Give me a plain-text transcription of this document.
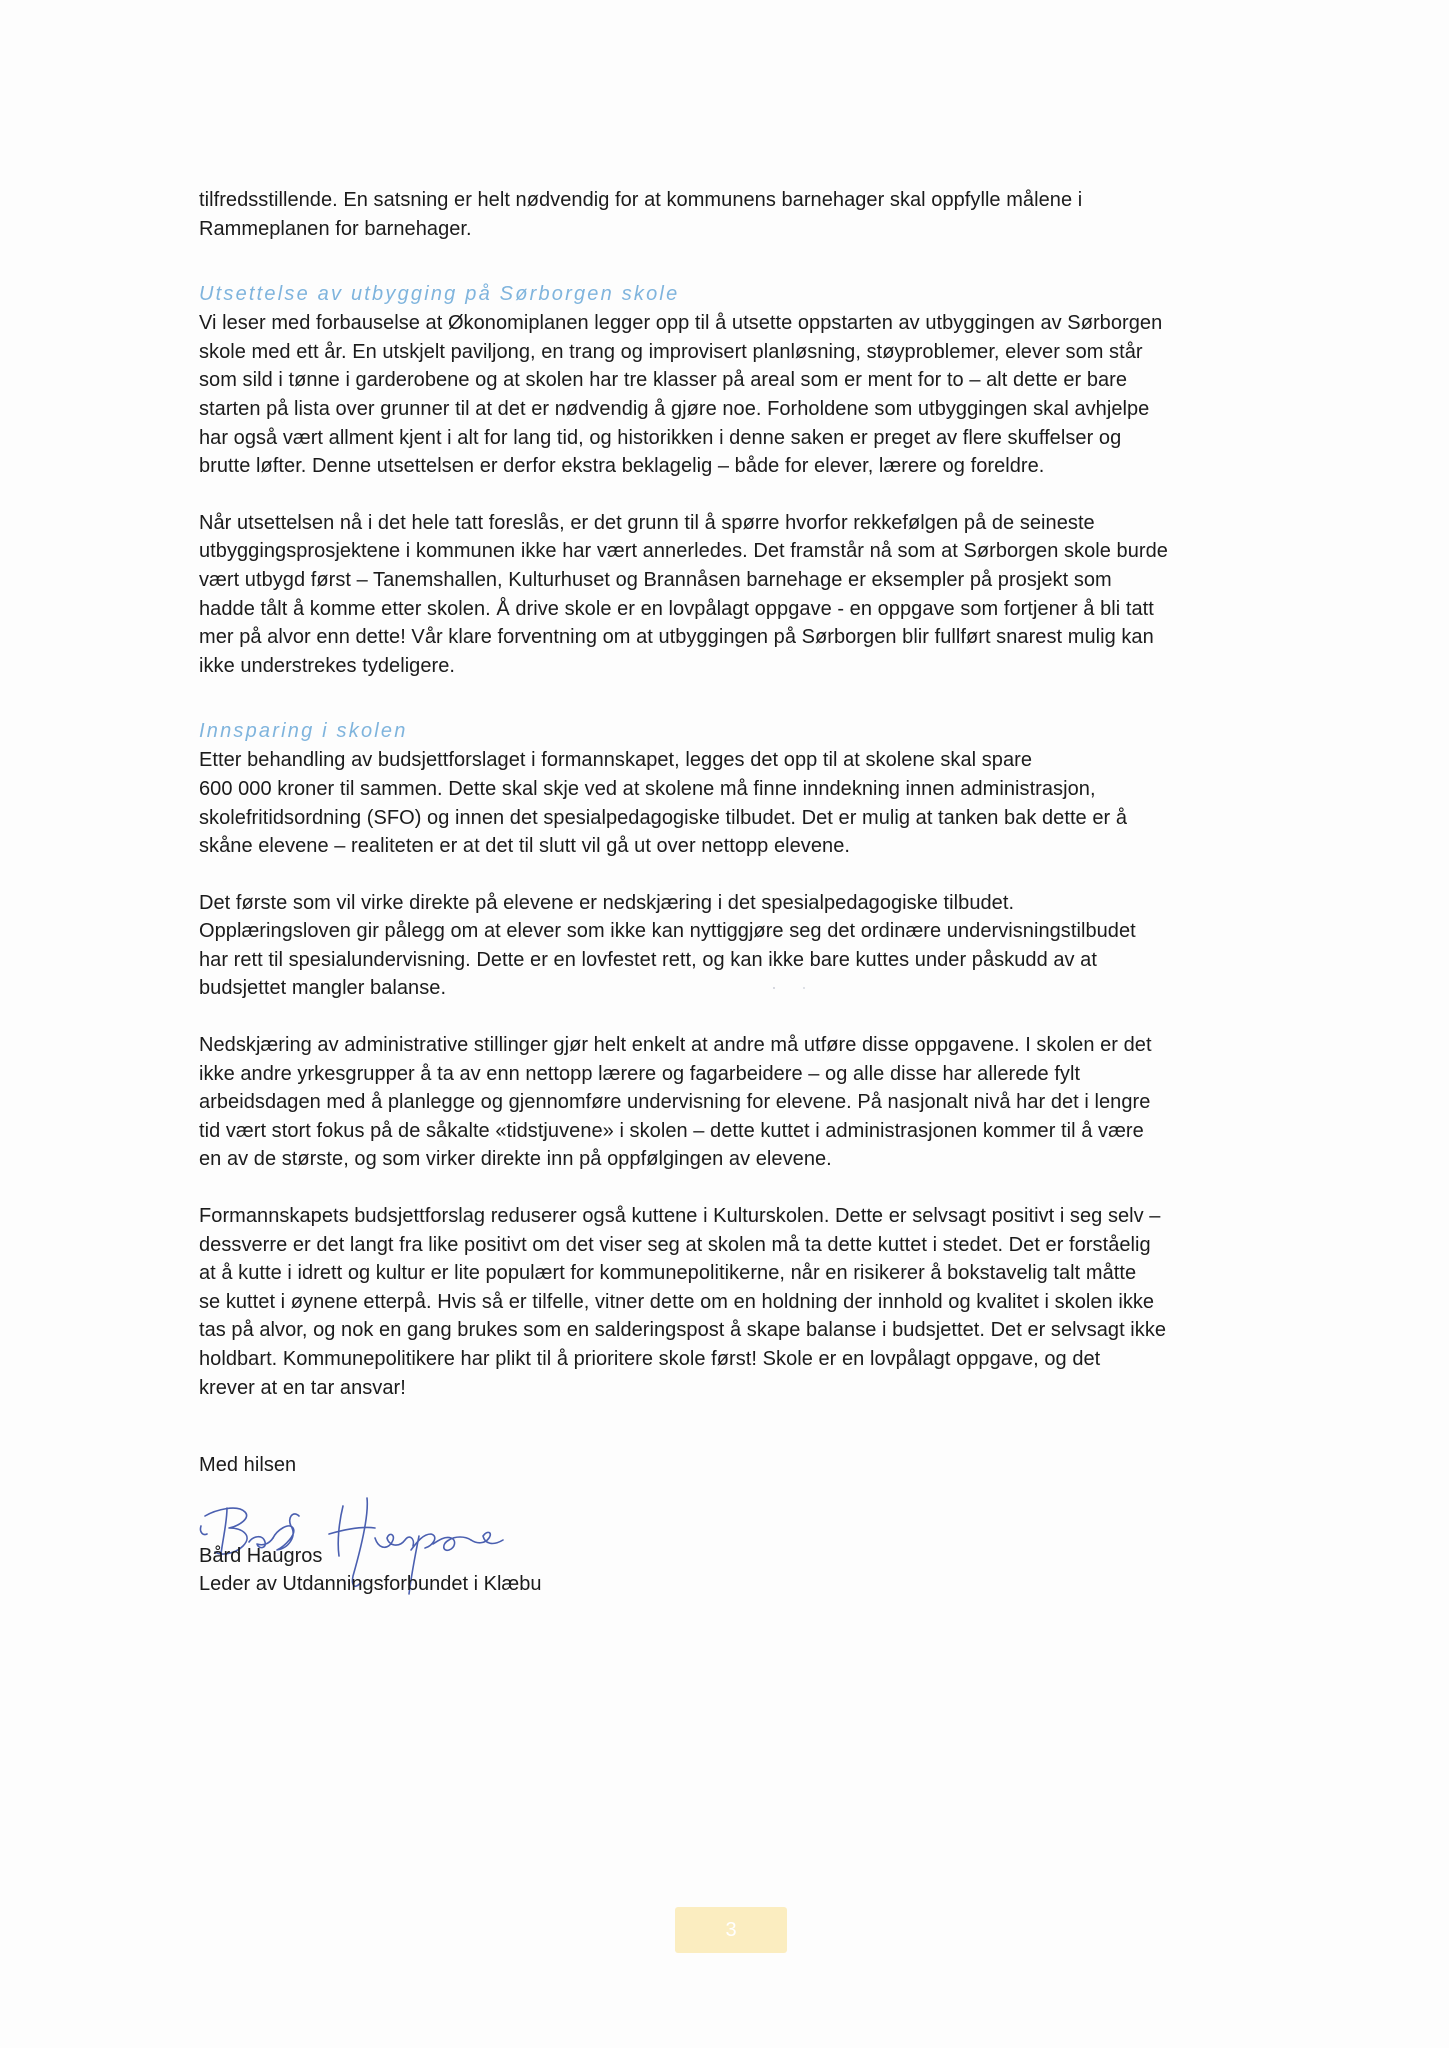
tilfredsstillende. En satsning er helt nødvendig for at kommunens barnehager skal oppfylle målene i

Rammeplanen for barnehager.

Utsettelse av utbygging på Sørborgen skole

Vi leser med forbauselse at Økonomiplanen legger opp til å utsette oppstarten av utbyggingen av Sørborgen

skole med ett år. En utskjelt paviljong, en trang og improvisert planløsning, støyproblemer, elever som står

som sild i tønne i garderobene og at skolen har tre klasser på areal som er ment for to – alt dette er bare

starten på lista over grunner til at det er nødvendig å gjøre noe. Forholdene som utbyggingen skal avhjelpe

har også vært allment kjent i alt for lang tid, og historikken i denne saken er preget av flere skuffelser og

brutte løfter. Denne utsettelsen er derfor ekstra beklagelig – både for elever, lærere og foreldre.

Når utsettelsen nå i det hele tatt foreslås, er det grunn til å spørre hvorfor rekkefølgen på de seineste

utbyggingsprosjektene i kommunen ikke har vært annerledes. Det framstår nå som at Sørborgen skole burde

vært utbygd først – Tanemshallen, Kulturhuset og Brannåsen barnehage er eksempler på prosjekt som

hadde tålt å komme etter skolen. Å drive skole er en lovpålagt oppgave - en oppgave som fortjener å bli tatt

mer på alvor enn dette! Vår klare forventning om at utbyggingen på Sørborgen blir fullført snarest mulig kan

ikke understrekes tydeligere.

Innsparing i skolen

Etter behandling av budsjettforslaget i formannskapet, legges det opp til at skolene skal spare

600 000 kroner til sammen. Dette skal skje ved at skolene må finne inndekning innen administrasjon,

skolefritidsordning (SFO) og innen det spesialpedagogiske tilbudet. Det er mulig at tanken bak dette er å

skåne elevene – realiteten er at det til slutt vil gå ut over nettopp elevene.

Det første som vil virke direkte på elevene er nedskjæring i det spesialpedagogiske tilbudet.

Opplæringsloven gir pålegg om at elever som ikke kan nyttiggjøre seg det ordinære undervisningstilbudet

har rett til spesialundervisning. Dette er en lovfestet rett, og kan ikke bare kuttes under påskudd av at

budsjettet mangler balanse.

Nedskjæring av administrative stillinger gjør helt enkelt at andre må utføre disse oppgavene. I skolen er det

ikke andre yrkesgrupper å ta av enn nettopp lærere og fagarbeidere – og alle disse har allerede fylt

arbeidsdagen med å planlegge og gjennomføre undervisning for elevene. På nasjonalt nivå har det i lengre

tid vært stort fokus på de såkalte «tidstjuvene» i skolen – dette kuttet i administrasjonen kommer til å være

en av de største, og som virker direkte inn på oppfølgingen av elevene.

Formannskapets budsjettforslag reduserer også kuttene i Kulturskolen. Dette er selvsagt positivt i seg selv –

dessverre er det langt fra like positivt om det viser seg at skolen må ta dette kuttet i stedet. Det er forståelig

at å kutte i idrett og kultur er lite populært for kommunepolitikerne, når en risikerer å bokstavelig talt måtte

se kuttet i øynene etterpå. Hvis så er tilfelle, vitner dette om en holdning der innhold og kvalitet i skolen ikke

tas på alvor, og nok en gang brukes som en salderingspost å skape balanse i budsjettet. Det er selvsagt ikke

holdbart. Kommunepolitikere har plikt til å prioritere skole først! Skole er en lovpålagt oppgave, og det

krever at en tar ansvar!

Med hilsen

Bård Haugros
Leder av Utdanningsforbundet i Klæbu
3
